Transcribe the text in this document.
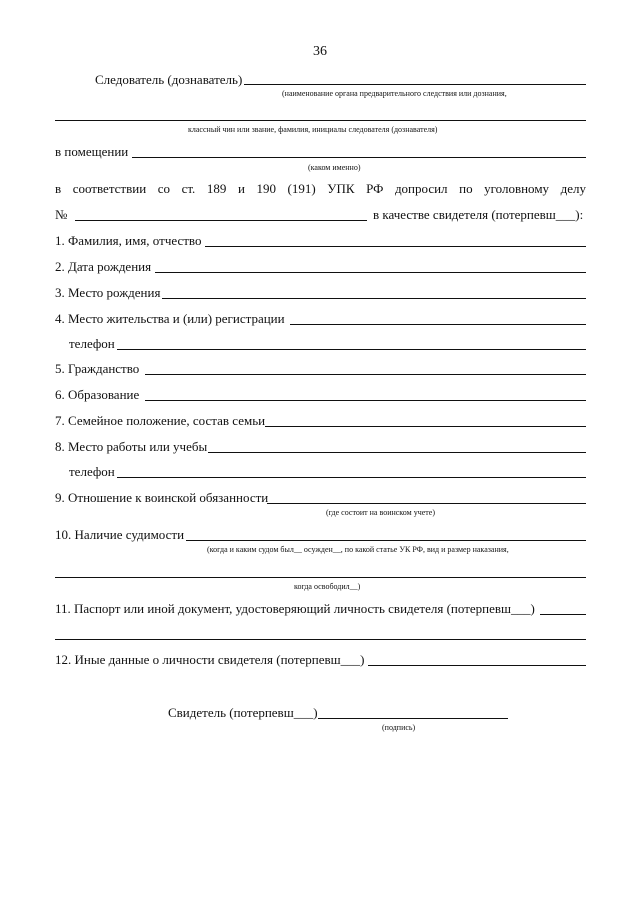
36
Следователь (дознаватель)
(наименование органа предварительного следствия или дознания,
классный чин или звание, фамилия, инициалы следователя (дознавателя)
в помещении
(каком именно)
в соответствии со ст. 189 и 190 (191) УПК РФ допросил по уголовному делу
№	в качестве свидетеля (потерпевш___):
1. Фамилия, имя, отчество
2. Дата рождения
3. Место рождения
4. Место жительства и (или) регистрации
телефон
5. Гражданство
6. Образование
7. Семейное положение, состав семьи
8. Место работы или учебы
телефон
9. Отношение к воинской обязанности
(где состоит на воинском учете)
10. Наличие судимости
(когда и каким судом был__ осужден__, по какой статье УК РФ, вид и размер наказания,
когда освободил__)
11. Паспорт или иной документ, удостоверяющий личность свидетеля (потерпевш___)
12. Иные данные о личности свидетеля (потерпевш___)
Свидетель (потерпевш___)
(подпись)
